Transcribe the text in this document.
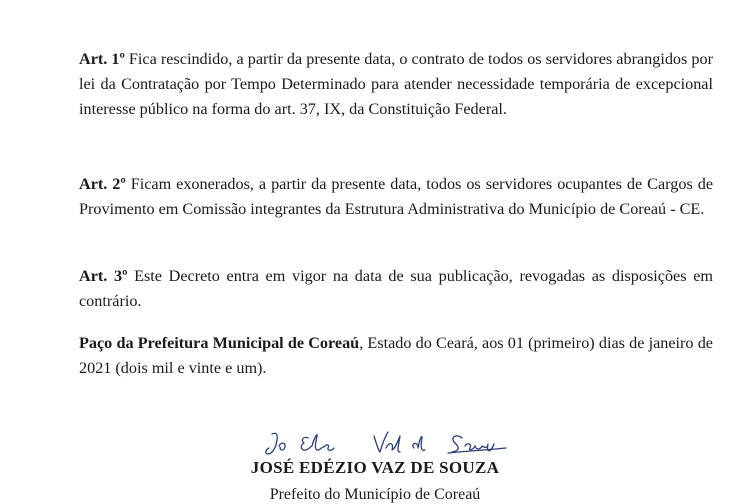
Art. 1º Fica rescindido, a partir da presente data, o contrato de todos os servidores abrangidos por lei da Contratação por Tempo Determinado para atender necessidade temporária de excepcional interesse público na forma do art. 37, IX, da Constituição Federal.

Art. 2º Ficam exonerados, a partir da presente data, todos os servidores ocupantes de Cargos de Provimento em Comissão integrantes da Estrutura Administrativa do Município de Coreaú - CE.

Art. 3º Este Decreto entra em vigor na data de sua publicação, revogadas as disposições em contrário.

Paço da Prefeitura Municipal de Coreaú, Estado do Ceará, aos 01 (primeiro) dias de janeiro de 2021 (dois mil e vinte e um).

JOSÉ EDÉZIO VAZ DE SOUZA

Prefeito do Município de Coreaú
